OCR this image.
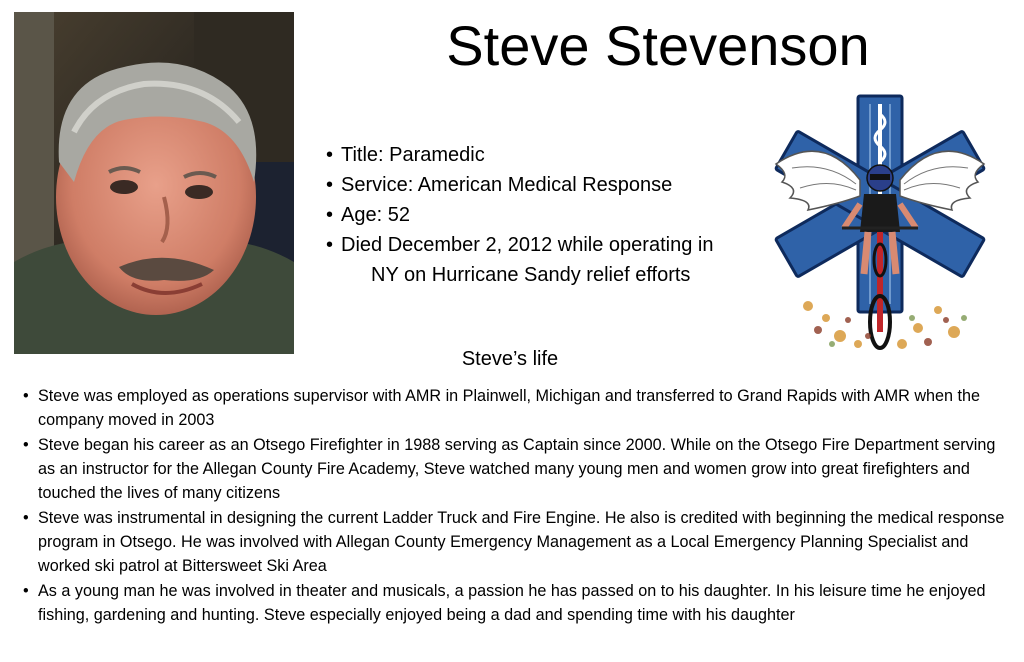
Steve Stevenson
• Title: Paramedic
• Service: American Medical Response
• Age: 52
• Died December 2, 2012 while operating in
NY on Hurricane Sandy relief efforts
Steve’s life
• Steve was employed as operations supervisor with AMR in Plainwell, Michigan and transferred to Grand Rapids with AMR when the company moved in 2003
• Steve began his career as an Otsego Firefighter in 1988 serving as Captain since 2000. While on the Otsego Fire Department serving as an instructor for the Allegan County Fire Academy, Steve watched many young men and women grow into great firefighters and touched the lives of many citizens
• Steve was instrumental in designing the current Ladder Truck and Fire Engine. He also is credited with beginning the medical response program in Otsego. He was involved with Allegan County Emergency Management as a Local Emergency Planning Specialist and worked ski patrol at Bittersweet Ski Area
• As a young man he was involved in theater and musicals, a passion he has passed on to his daughter. In his leisure time he enjoyed fishing, gardening and hunting. Steve especially enjoyed being a dad and spending time with his daughter
